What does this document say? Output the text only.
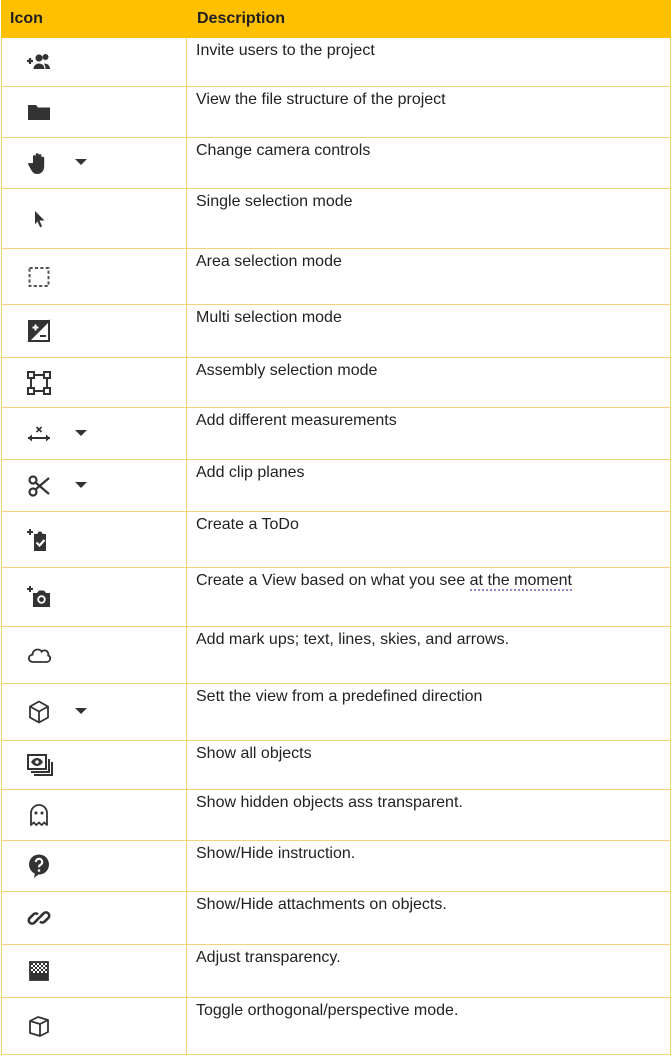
Icon	Description

	Invite users to the project

	View the file structure of the project

	Change camera controls

	Single selection mode

	Area selection mode

	Multi selection mode

	Assembly selection mode

	Add different measurements

	Add clip planes

	Create a ToDo

	Create a View based on what you see at the moment

	Add mark ups; text, lines, skies, and arrows.

	Sett the view from a predefined direction

	Show all objects

	Show hidden objects ass transparent.

	Show/Hide instruction.

	Show/Hide attachments on objects.

	Adjust transparency.

	Toggle orthogonal/perspective mode.
